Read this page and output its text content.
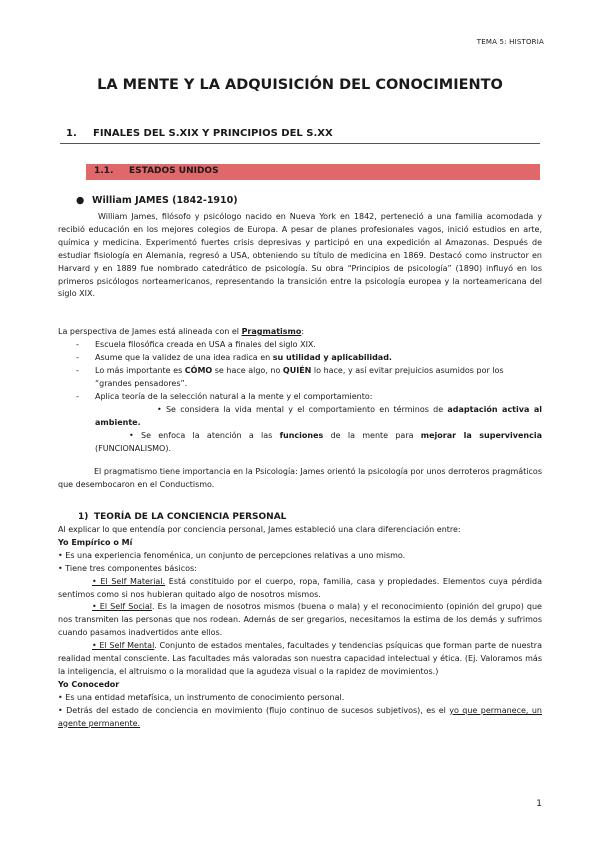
TEMA 5: HISTORIA
LA MENTE Y LA ADQUISICIÓN DEL CONOCIMIENTO
1. FINALES DEL S.XIX Y PRINCIPIOS DEL S.XX
1.1. ESTADOS UNIDOS
● William JAMES (1842-1910)
William James, filósofo y psicólogo nacido en Nueva York en 1842, perteneció a una familia acomodada y recibió educación en los mejores colegios de Europa. A pesar de planes profesionales vagos, inició estudios en arte, química y medicina. Experimentó fuertes crisis depresivas y participó en una expedición al Amazonas. Después de estudiar fisiología en Alemania, regresó a USA, obteniendo su título de medicina en 1869. Destacó como instructor en Harvard y en 1889 fue nombrado catedrático de psicología. Su obra “Principios de psicología” (1890) influyó en los primeros psicólogos norteamericanos, representando la transición entre la psicología europea y la norteamericana del siglo XIX.
La perspectiva de James está alineada con el Pragmatismo:
- Escuela filosófica creada en USA a finales del siglo XIX.
- Asume que la validez de una idea radica en su utilidad y aplicabilidad.
- Lo más importante es CÓMO se hace algo, no QUIÉN lo hace, y así evitar prejuicios asumidos por los “grandes pensadores”.
- Aplica teoría de la selección natural a la mente y el comportamiento:
• Se considera la vida mental y el comportamiento en términos de adaptación activa al ambiente.
• Se enfoca la atención a las funciones de la mente para mejorar la supervivencia (FUNCIONALISMO).
El pragmatismo tiene importancia en la Psicología: James orientó la psicología por unos derroteros pragmáticos que desembocaron en el Conductismo.
1) TEORÍA DE LA CONCIENCIA PERSONAL
Al explicar lo que entendía por conciencia personal, James estableció una clara diferenciación entre:
Yo Empírico o Mí
• Es una experiencia fenoménica, un conjunto de percepciones relativas a uno mismo.
• Tiene tres componentes básicos:
• El Self Material. Está constituido por el cuerpo, ropa, familia, casa y propiedades. Elementos cuya pérdida sentimos como si nos hubieran quitado algo de nosotros mismos.
• El Self Social. Es la imagen de nosotros mismos (buena o mala) y el reconocimiento (opinión del grupo) que nos transmiten las personas que nos rodean. Además de ser gregarios, necesitamos la estima de los demás y sufrimos cuando pasamos inadvertidos ante ellos.
• El Self Mental. Conjunto de estados mentales, facultades y tendencias psíquicas que forman parte de nuestra realidad mental consciente. Las facultades más valoradas son nuestra capacidad intelectual y ética. (Ej. Valoramos más la inteligencia, el altruismo o la moralidad que la agudeza visual o la rapidez de movimientos.)
Yo Conocedor
• Es una entidad metafísica, un instrumento de conocimiento personal.
• Detrás del estado de conciencia en movimiento (flujo continuo de sucesos subjetivos), es el yo que permanece, un agente permanente.
1
